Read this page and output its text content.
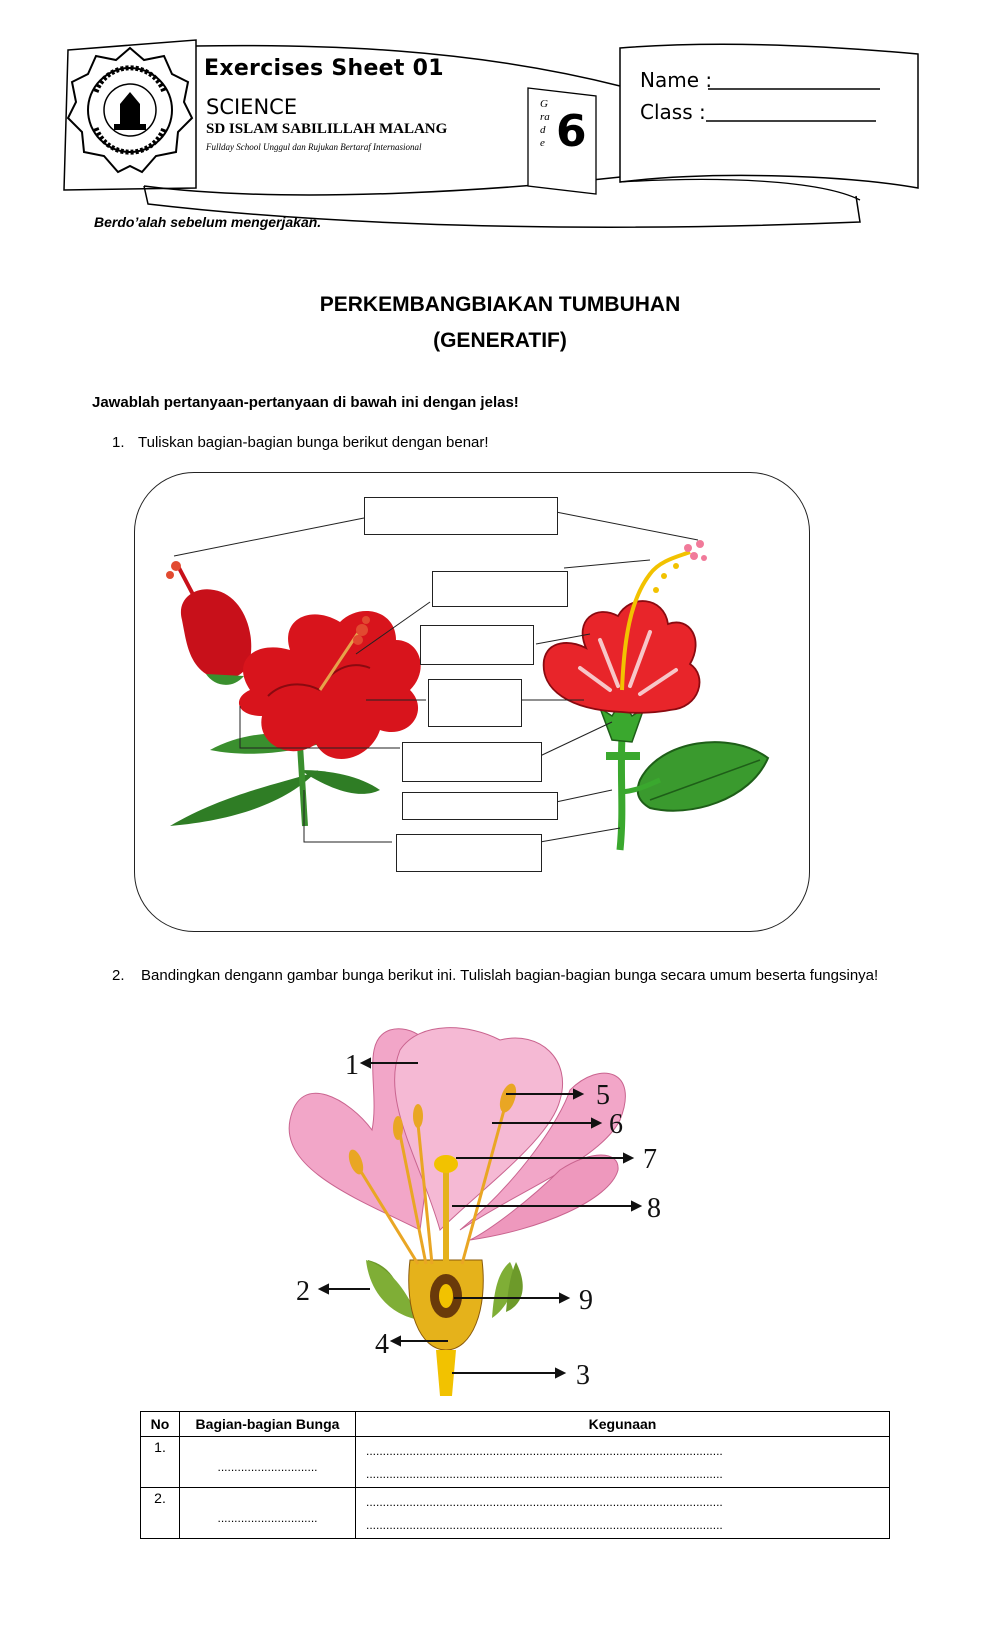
Exercises Sheet 01
SCIENCE
SD ISLAM SABILILLAH MALANG
Fullday School Unggul dan Rujukan Bertaraf Internasional
Grade 6
Name :
Class :
Berdo’alah sebelum mengerjakan.
PERKEMBANGBIAKAN TUMBUHAN
(GENERATIF)
Jawablah pertanyaan-pertanyaan di bawah ini dengan jelas!
1. Tuliskan bagian-bagian bunga berikut dengan benar!
2. Bandingkan dengann gambar bunga berikut ini. Tulislah bagian-bagian bunga secara umum beserta fungsinya!
1
5
6
7
8
2	9
4
3
No	Bagian-bagian Bunga	Kegunaan
1.	..............................	...........................................................................................................
...........................................................................................................

2.	..............................	...........................................................................................................
...........................................................................................................
